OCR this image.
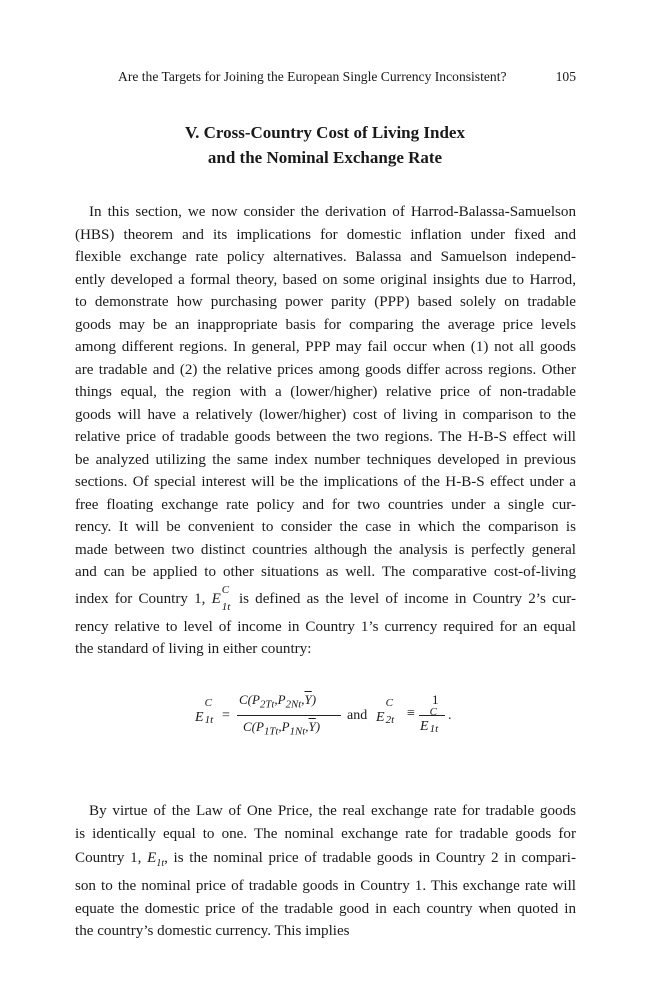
Are the Targets for Joining the European Single Currency Inconsistent?	105
V. Cross-Country Cost of Living Index
and the Nominal Exchange Rate
In this section, we now consider the derivation of Harrod-Balassa-Samuelson
(HBS) theorem and its implications for domestic inflation under fixed and
flexible exchange rate policy alternatives. Balassa and Samuelson independ-
ently developed a formal theory, based on some original insights due to Harrod,
to demonstrate how purchasing power parity (PPP) based solely on tradable
goods may be an inappropriate basis for comparing the average price levels
among different regions. In general, PPP may fail occur when (1) not all goods
are tradable and (2) the relative prices among goods differ across regions. Other
things equal, the region with a (lower/higher) relative price of non-tradable
goods will have a relatively (lower/higher) cost of living in comparison to the
relative price of tradable goods between the two regions. The H-B-S effect will
be analyzed utilizing the same index number techniques developed in previous
sections. Of special interest will be the implications of the H-B-S effect under a
free floating exchange rate policy and for two countries under a single cur-
rency. It will be convenient to consider the case in which the comparison is
made between two distinct countries although the analysis is perfectly general
and can be applied to other situations as well. The comparative cost-of-living
index for Country 1, E
C
1t is defined as the level of income in Country 2’s cur-
rency relative to level of income in Country 1’s currency required for an equal
the standard of living in either country:
E
C
1t =
$C(P_{2Tt},P_{2Nt},\overline{Y})$
$C(P_{1Tt},P_{1Nt},\overline{Y})$
and E
C
2t ≡
1
E
C
1t
.
By virtue of the Law of One Price, the real exchange rate for tradable goods
is identically equal to one. The nominal exchange rate for tradable goods for
Country 1, $E_{1t}$, is the nominal price of tradable goods in Country 2 in compari-
son to the nominal price of tradable goods in Country 1. This exchange rate will
equate the domestic price of the tradable good in each country when quoted in
the country’s domestic currency. This implies
